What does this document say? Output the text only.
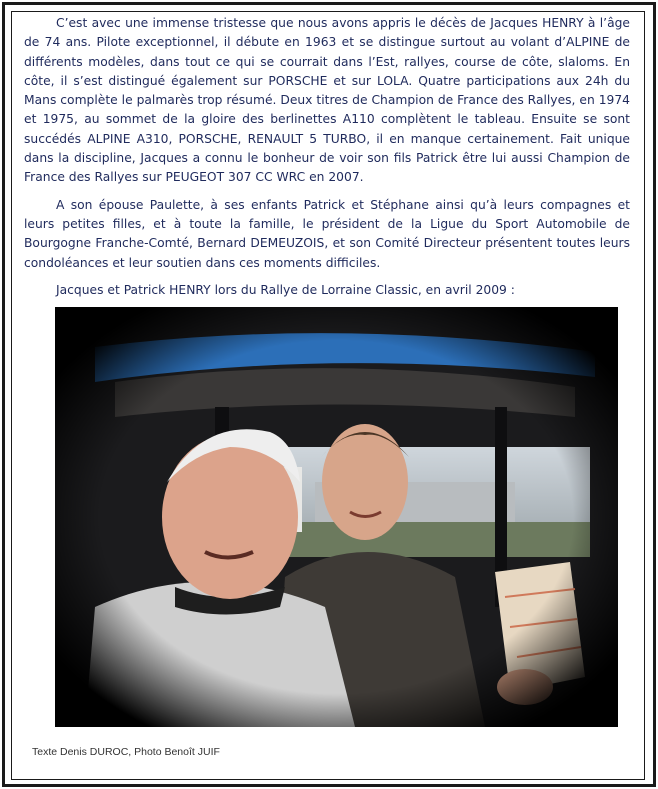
C’est avec une immense tristesse que nous avons appris le décès de Jacques HENRY à l’âge de 74 ans. Pilote exceptionnel, il débute en 1963 et se distingue surtout au volant d’ALPINE de différents modèles, dans tout ce qui se courrait dans l’Est, rallyes, course de côte, slaloms. En côte, il s’est distingué également sur PORSCHE et sur LOLA. Quatre participations aux 24h du Mans complète le palmarès trop résumé. Deux titres de Champion de France des Rallyes, en 1974 et 1975, au sommet de la gloire des berlinettes A110 complètent le tableau. Ensuite se sont succédés ALPINE A310, PORSCHE, RENAULT 5 TURBO, il en manque certainement. Fait unique dans la discipline, Jacques a connu le bonheur de voir son fils Patrick être lui aussi Champion de France des Rallyes sur PEUGEOT 307 CC WRC en 2007.

A son épouse Paulette, à ses enfants Patrick et Stéphane ainsi qu’à leurs compagnes et leurs petites filles, et à toute la famille, le président de la Ligue du Sport Automobile de Bourgogne Franche-Comté, Bernard DEMEUZOIS, et son Comité Directeur présentent toutes leurs condoléances et leur soutien dans ces moments difficiles.

Jacques et Patrick HENRY lors du Rallye de Lorraine Classic, en avril 2009 :
Texte Denis DUROC, Photo Benoît JUIF
